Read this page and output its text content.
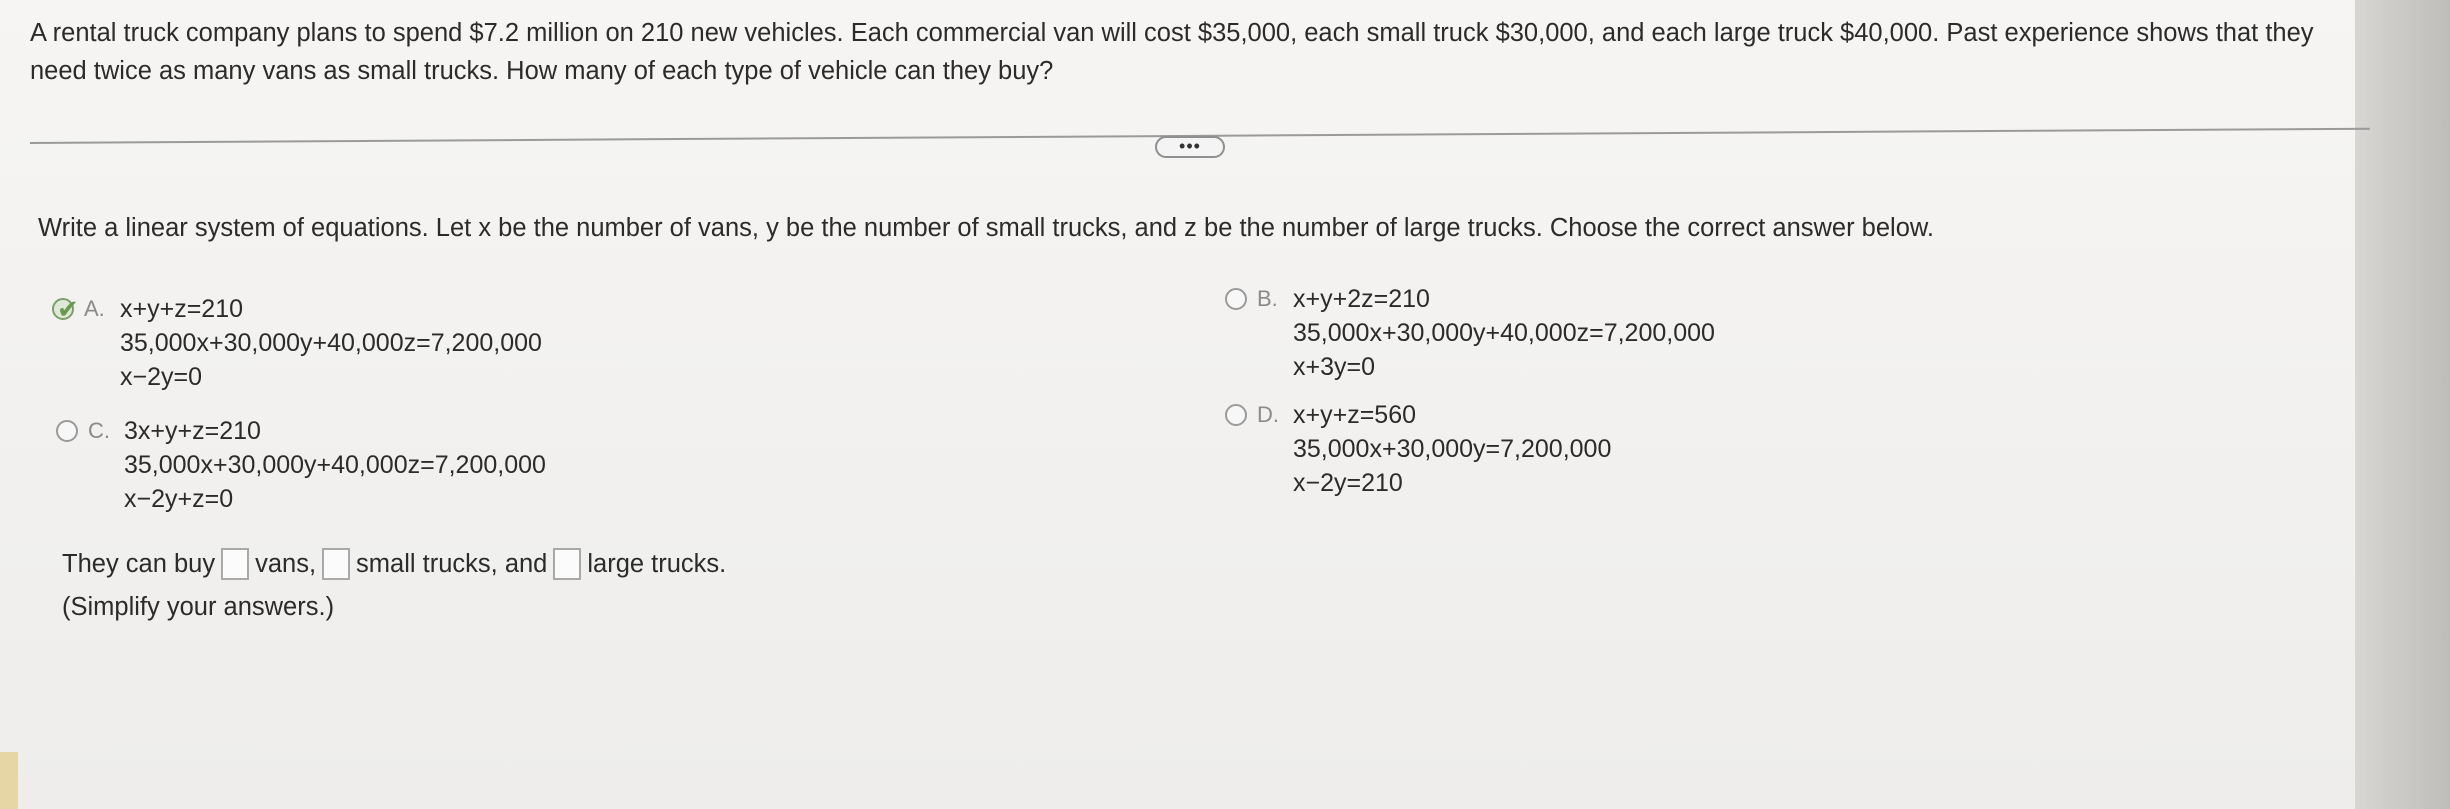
A rental truck company plans to spend $7.2 million on 210 new vehicles. Each commercial van will cost $35,000, each small truck $30,000, and each large truck $40,000. Past experience shows that they need twice as many vans as small trucks. How many of each type of vehicle can they buy?
•••
Write a linear system of equations. Let x be the number of vans, y be the number of small trucks, and z be the number of large trucks. Choose the correct answer below.
✔ A. x+y+z=210
35,000x+30,000y+40,000z=7,200,000
x−2y=0
B. x+y+2z=210
35,000x+30,000y+40,000z=7,200,000
x+3y=0
C. 3x+y+z=210
35,000x+30,000y+40,000z=7,200,000
x−2y+z=0
D. x+y+z=560
35,000x+30,000y=7,200,000
x−2y=210
They can buy vans, small trucks, and large trucks.
(Simplify your answers.)
